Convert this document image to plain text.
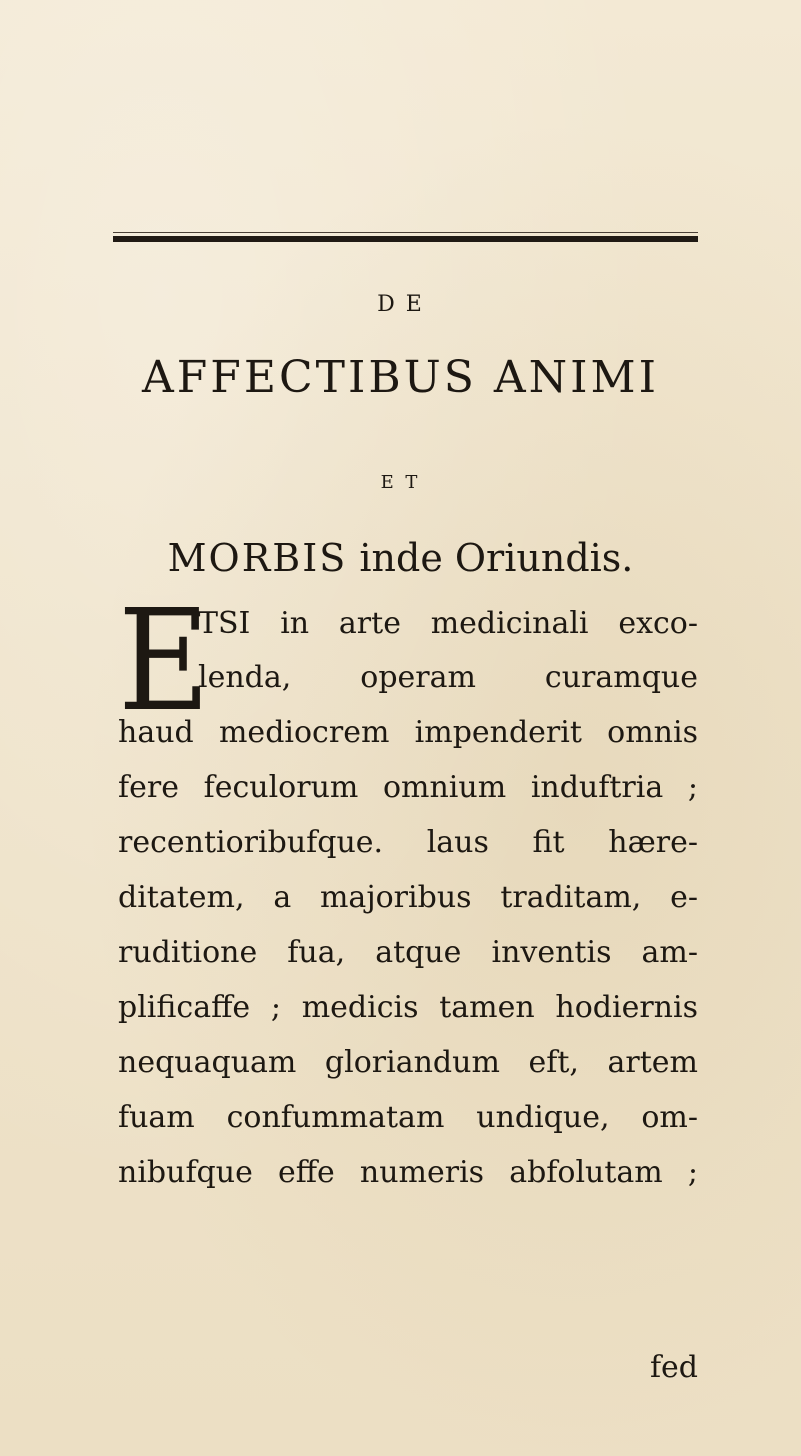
D E
AFFECTIBUS ANIMI
E T
MORBIS inde Oriundis.
E
TSI in arte medicinali exco-
lenda, operam curamque
haud mediocrem impenderit omnis
fere feculorum omnium induftria ;
recentioribufque. laus fit hære-
ditatem, a majoribus traditam, e-
ruditione fua, atque inventis am-
plificaffe ; medicis tamen hodiernis
nequaquam gloriandum eft, artem
fuam confummatam undique, om-
nibufque effe numeris abfolutam ;
fed
